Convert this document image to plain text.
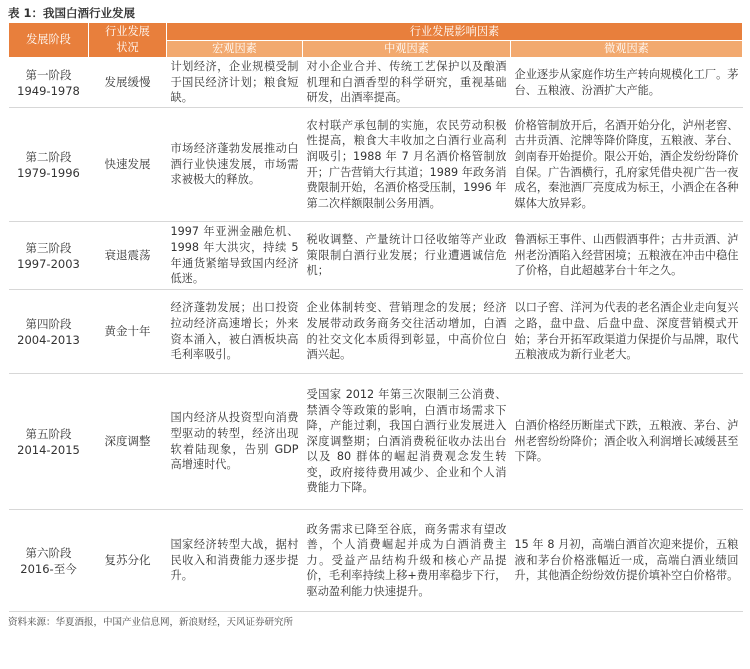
表 1：我国白酒行业发展
发展阶段	行业发展状况	行业发展影响因素		
		宏观因素	中观因素	微观因素

第一阶段
1949-1978	发展缓慢	计划经济，企业规模受制于国民经济计划；粮食短缺。	对小企业合并、传统工艺保护以及酿酒机理和白酒香型的科学研究，重视基础研发，出酒率提高。	企业逐步从家庭作坊生产转向规模化工厂。茅台、五粮液、汾酒扩大产能。

第二阶段
1979-1996	快速发展	市场经济蓬勃发展推动白酒行业快速发展，市场需求被极大的释放。	农村联产承包制的实施，农民劳动积极性提高，粮食大丰收加之白酒行业高利润吸引；1988 年 7 月名酒价格管制放开；广告营销大行其道；1989 年政务消费限制开始，名酒价格受压制，1996 年第二次样额限制公务用酒。	价格管制放开后，名酒开始分化，泸州老窖、古井贡酒、沱牌等降价降度，五粮液、茅台、剑南春开始提价。限公开始，酒企发纷纷降价自保。广告酒横行，孔府家凭借央视广告一夜成名，秦池酒厂亮度成为标王，小酒企在各种媒体大放异彩。

第三阶段
1997-2003	衰退震荡	1997 年亚洲金融危机、1998 年大洪灾，持续 5 年通货紧缩导致国内经济低迷。	税收调整、产量统计口径收缩等产业政策限制白酒行业发展；行业遭遇诚信危机；	鲁酒标王事件、山西假酒事件；古井贡酒、泸州老汾酒陷入经营困境；五粮液在冲击中稳住了价格，自此超越茅台十年之久。

第四阶段
2004-2013	黄金十年	经济蓬勃发展；出口投资拉动经济高速增长；外来资本涌入，被白酒板块高毛利率吸引。	企业体制转变、营销理念的发展；经济发展带动政务商务交往活动增加，白酒的社交文化本质得到彰显，中高价位白酒兴起。	以口子窖、洋河为代表的老名酒企业走向复兴之路，盘中盘、后盘中盘、深度营销模式开始；茅台开拓军政渠道力保提价与品牌，取代五粮液成为新行业老大。

第五阶段
2014-2015	深度调整	国内经济从投资型向消费型驱动的转型，经济出现软着陆现象，告别 GDP 高增速时代。	受国家 2012 年第三次限制三公消费、禁酒令等政策的影响，白酒市场需求下降，产能过剩，我国白酒行业发展进入深度调整期；白酒消费税征收办法出台以及 80 群体的崛起消费观念发生转变，政府接待费用减少、企业和个人消费能力下降。	白酒价格经历断崖式下跌，五粮液、茅台、泸州老窖纷纷降价；酒企收入利润增长减缓甚至下降。

第六阶段
2016-至今	复苏分化	国家经济转型大战，据村民收入和消费能力逐步提升。	政务需求已降至谷底，商务需求有望改善，个人消费崛起并成为白酒消费主力。受益产品结构升级和核心产品提价，毛利率持续上移+费用率稳步下行，驱动盈利能力快速提升。	15 年 8 月初，高端白酒首次迎来提价，五粮液和茅台价格涨幅近一成，高端白酒业绩回升，其他酒企纷纷效仿提价填补空白价格带。
资料来源：华夏酒报，中国产业信息网，新浪财经，天风证券研究所
